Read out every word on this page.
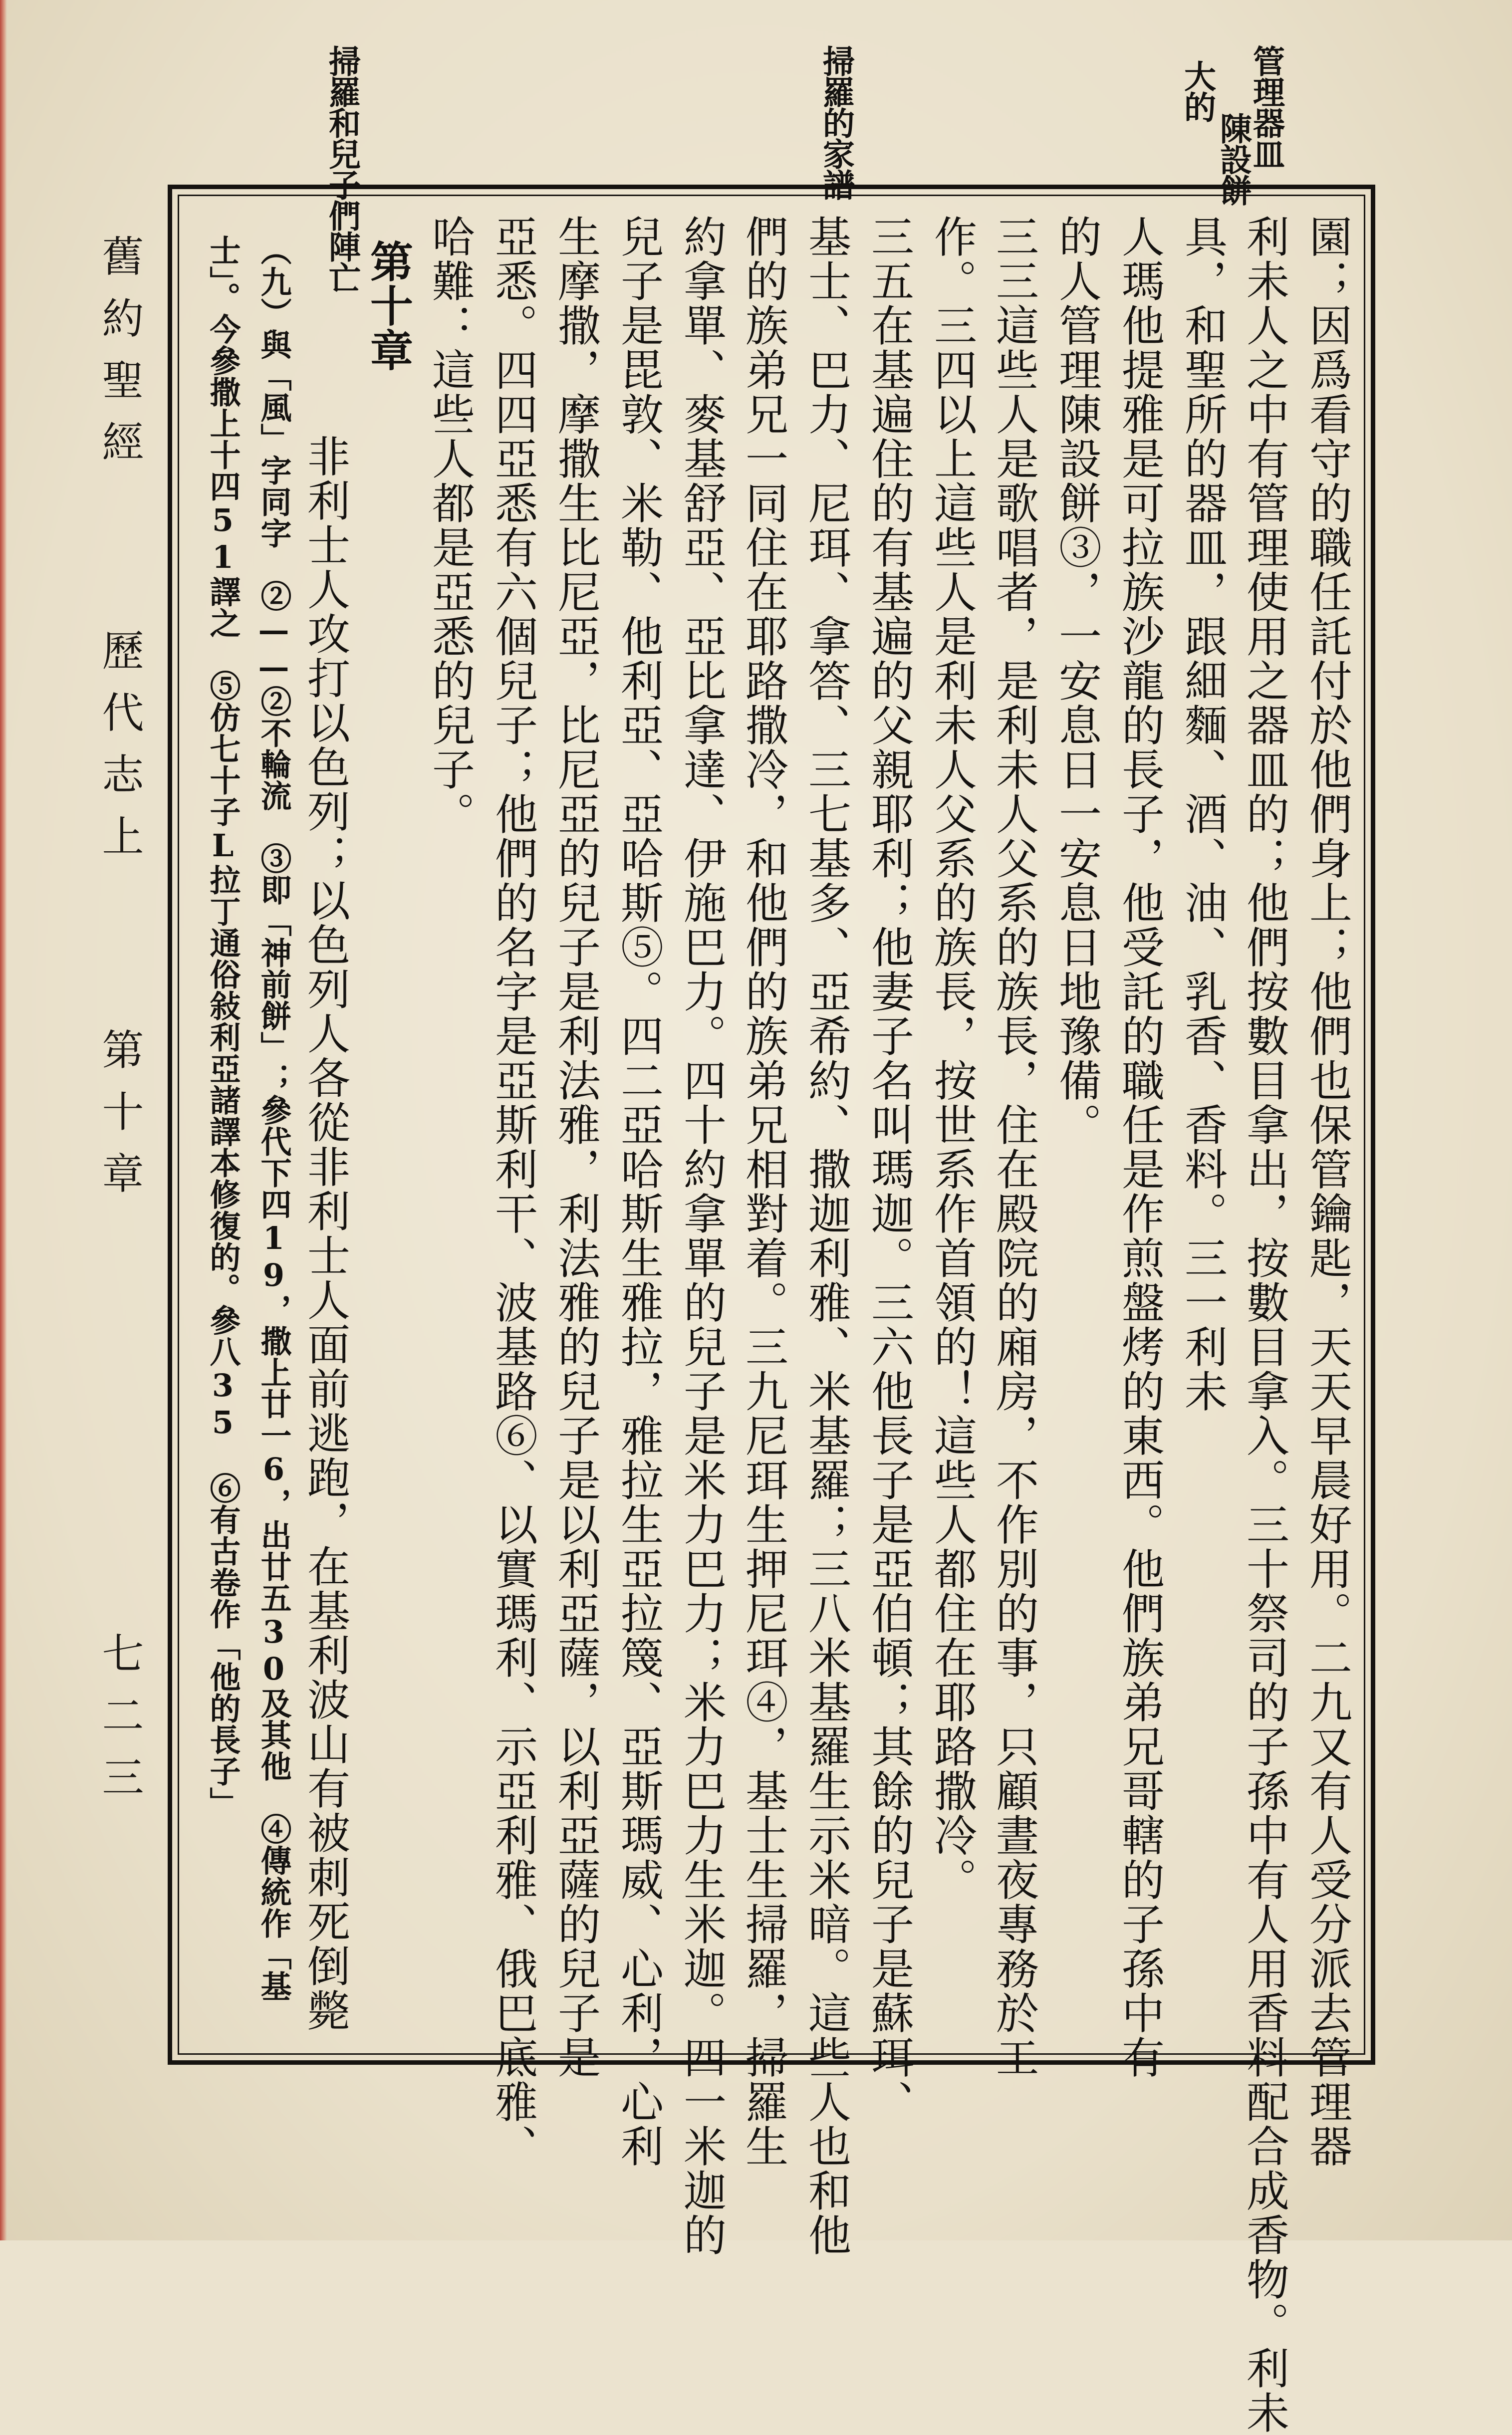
管理器皿
陳設餅
大的
掃羅的家譜
掃羅和兒子們陣亡
園；因爲看守的職任託付於他們身上；他們也保管鑰匙，天天早晨好用。二九又有人受分派去管理器
利未人之中有管理使用之器皿的；他們按數目拿出，按數目拿入。三十祭司的子孫中有人用香料配合成香物。利未
具，和聖所的器皿，跟細麵、酒、油、乳香、香料。三一利未
人瑪他提雅是可拉族沙龍的長子，他受託的職任是作煎盤烤的東西。他們族弟兄哥轄的子孫中有
的人管理陳設餅③，一安息日一安息日地豫備。
三三這些人是歌唱者，是利未人父系的族長，住在殿院的廂房，不作別的事，只顧晝夜專務於工
作。三四以上這些人是利未人父系的族長，按世系作首領的！這些人都住在耶路撒冷。
三五在基遍住的有基遍的父親耶利；他妻子名叫瑪迦。三六他長子是亞伯頓；其餘的兒子是蘇珥、
基士、巴力、尼珥、拿答、三七基多、亞希約、撒迦利雅、米基羅；三八米基羅生示米暗。這些人也和他
們的族弟兄一同住在耶路撒冷，和他們的族弟兄相對着。三九尼珥生押尼珥④，基士生掃羅，掃羅生
約拿單、麥基舒亞、亞比拿達、伊施巴力。四十約拿單的兒子是米力巴力；米力巴力生米迦。四一米迦的
兒子是毘敦、米勒、他利亞、亞哈斯⑤。四二亞哈斯生雅拉，雅拉生亞拉篾、亞斯瑪威、心利，心利
生摩撒，摩撒生比尼亞，比尼亞的兒子是利法雅，利法雅的兒子是以利亞薩，以利亞薩的兒子是
亞悉。四四亞悉有六個兒子；他們的名字是亞斯利干、波基路⑥、以實瑪利、示亞利雅、俄巴底雅、
哈難：這些人都是亞悉的兒子。
第十章
非利士人攻打以色列；以色列人各從非利士人面前逃跑，在基利波山有被刺死倒斃
（九）與「風」字同字　②——②不輪流　③即「神前餅」；參代下四19，撒上廿一6，出廿五30及其他　④傳統作「基
士」。今參撒上十四51譯之　⑤仿七十子L拉丁通俗敍利亞諸譯本修復的。參八35　⑥有古卷作「他的長子」
舊約聖經
歷代志上
第十章
七二三
